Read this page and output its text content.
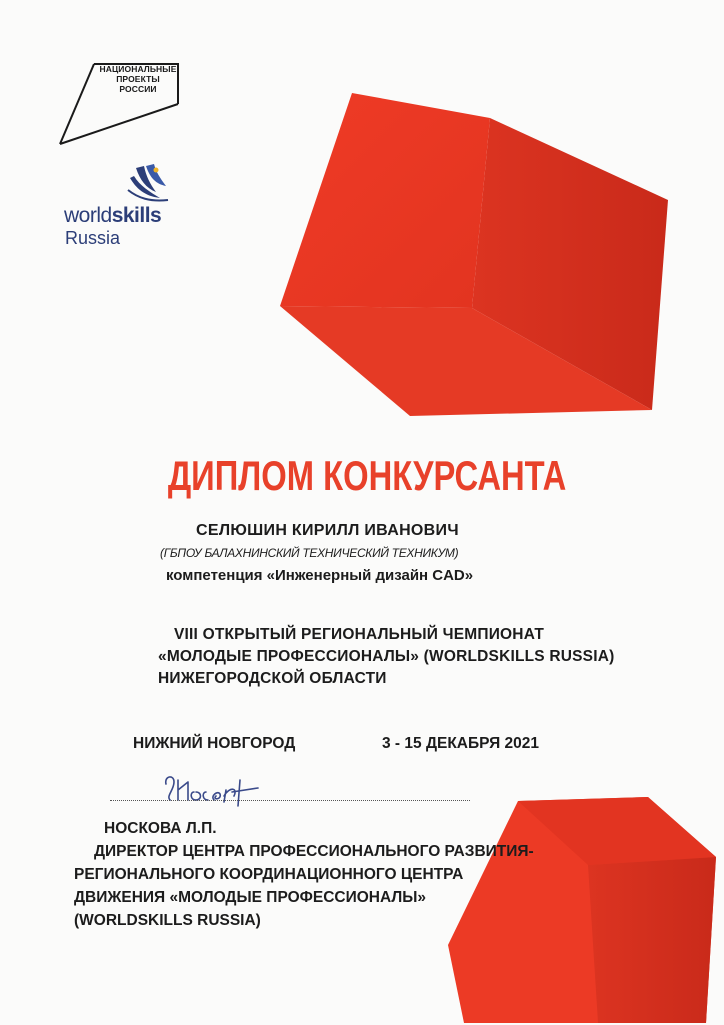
НАЦИОНАЛЬНЫЕ ПРОЕКТЫ РОССИИ
worldskills
Russia
ДИПЛОМ КОНКУРСАНТА
СЕЛЮШИН КИРИЛЛ ИВАНОВИЧ
(ГБПОУ БАЛАХНИНСКИЙ ТЕХНИЧЕСКИЙ ТЕХНИКУМ)
компетенция «Инженерный дизайн CAD»
VIII ОТКРЫТЫЙ РЕГИОНАЛЬНЫЙ ЧЕМПИОНАТ
«МОЛОДЫЕ ПРОФЕССИОНАЛЫ» (WORLDSKILLS RUSSIA)
НИЖЕГОРОДСКОЙ ОБЛАСТИ
НИЖНИЙ НОВГОРОД	3 - 15 ДЕКАБРЯ 2021
НОСКОВА Л.П.
ДИРЕКТОР ЦЕНТРА ПРОФЕССИОНАЛЬНОГО РАЗВИТИЯ-
РЕГИОНАЛЬНОГО КООРДИНАЦИОННОГО ЦЕНТРА
ДВИЖЕНИЯ «МОЛОДЫЕ ПРОФЕССИОНАЛЫ»
(WORLDSKILLS RUSSIA)
